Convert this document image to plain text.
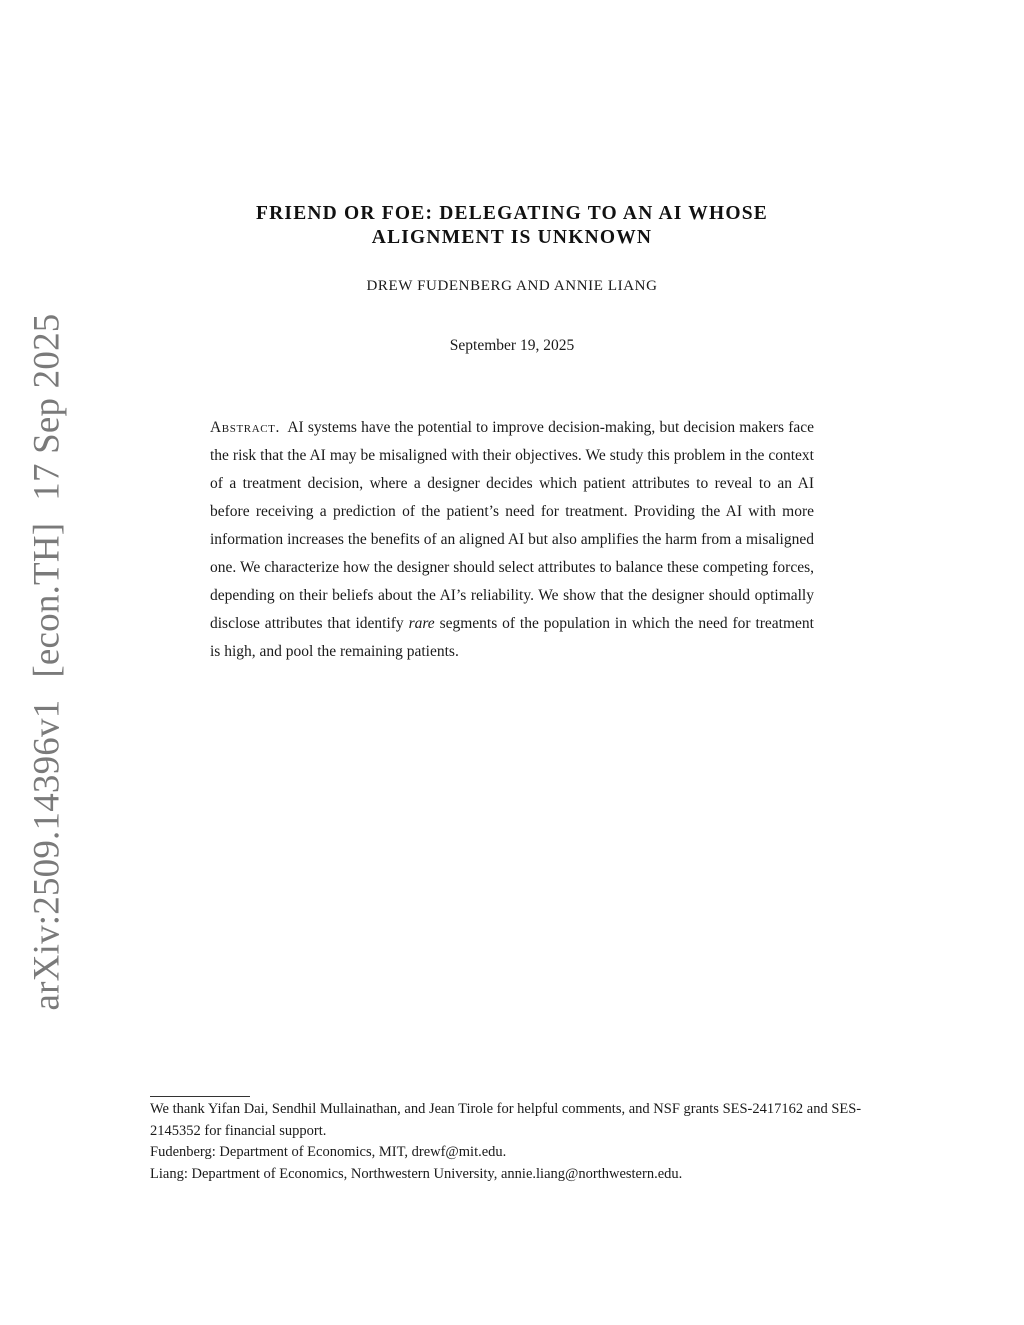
arXiv:2509.14396v1[econ.TH]17 Sep 2025
FRIEND OR FOE: DELEGATING TO AN AI WHOSE
ALIGNMENT IS UNKNOWN
DREW FUDENBERG AND ANNIE LIANG
September 19, 2025
Abstract. AI systems have the potential to improve decision-making, but decision makers face the risk that the AI may be misaligned with their objectives. We study this problem in the context of a treatment decision, where a designer decides which patient attributes to reveal to an AI before receiving a prediction of the patient’s need for treatment. Providing the AI with more information increases the benefits of an aligned AI but also amplifies the harm from a misaligned one. We characterize how the designer should select attributes to balance these competing forces, depending on their beliefs about the AI’s reliability. We show that the designer should optimally disclose attributes that identify rare segments of the population in which the need for treatment is high, and pool the remaining patients.

We thank Yifan Dai, Sendhil Mullainathan, and Jean Tirole for helpful comments, and NSF grants SES-2417162 and SES-2145352 for financial support.

Fudenberg: Department of Economics, MIT, drewf@mit.edu.

Liang: Department of Economics, Northwestern University, annie.liang@northwestern.edu.
